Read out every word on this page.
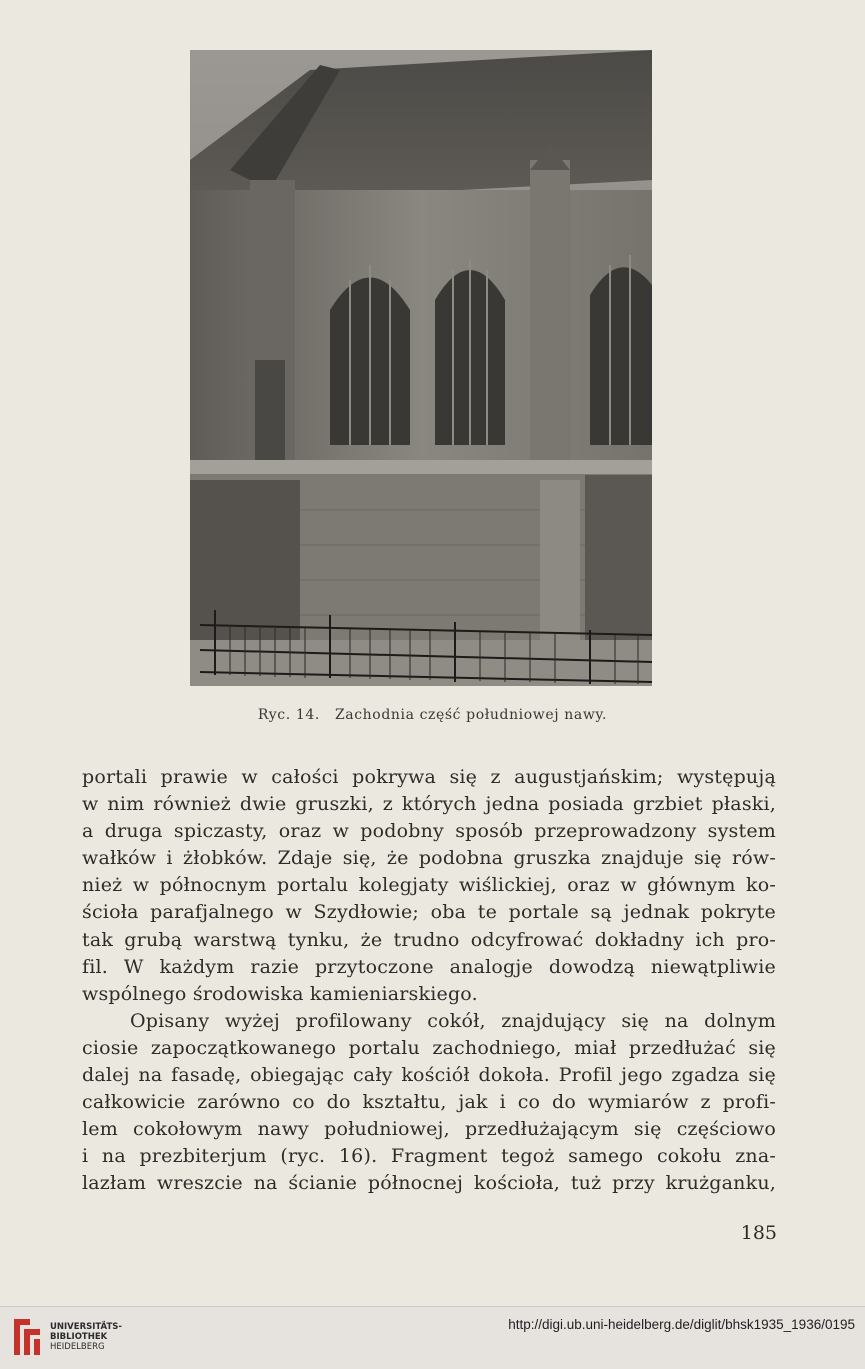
Ryc. 14. Zachodnia część południowej nawy.
portali prawie w całości pokrywa się z augustjańskim; występują
w nim również dwie gruszki, z których jedna posiada grzbiet płaski,
a druga spiczasty, oraz w podobny sposób przeprowadzony system
wałków i żłobków. Zdaje się, że podobna gruszka znajduje się rów-
nież w północnym portalu kolegjaty wiślickiej, oraz w głównym ko-
ścioła parafjalnego w Szydłowie; oba te portale są jednak pokryte
tak grubą warstwą tynku, że trudno odcyfrować dokładny ich pro-
fil. W każdym razie przytoczone analogje dowodzą niewątpliwie
wspólnego środowiska kamieniarskiego.
Opisany wyżej profilowany cokół, znajdujący się na dolnym
ciosie zapoczątkowanego portalu zachodniego, miał przedłużać się
dalej na fasadę, obiegając cały kościół dokoła. Profil jego zgadza się
całkowicie zarówno co do kształtu, jak i co do wymiarów z profi-
lem cokołowym nawy południowej, przedłużającym się częściowo
i na prezbiterjum (ryc. 16). Fragment tegoż samego cokołu zna-
lazłam wreszcie na ścianie północnej kościoła, tuż przy krużganku,
185
UNIVERSITÄTS-
BIBLIOTHEK
HEIDELBERG
http://digi.ub.uni-heidelberg.de/diglit/bhsk1935_1936/0195
